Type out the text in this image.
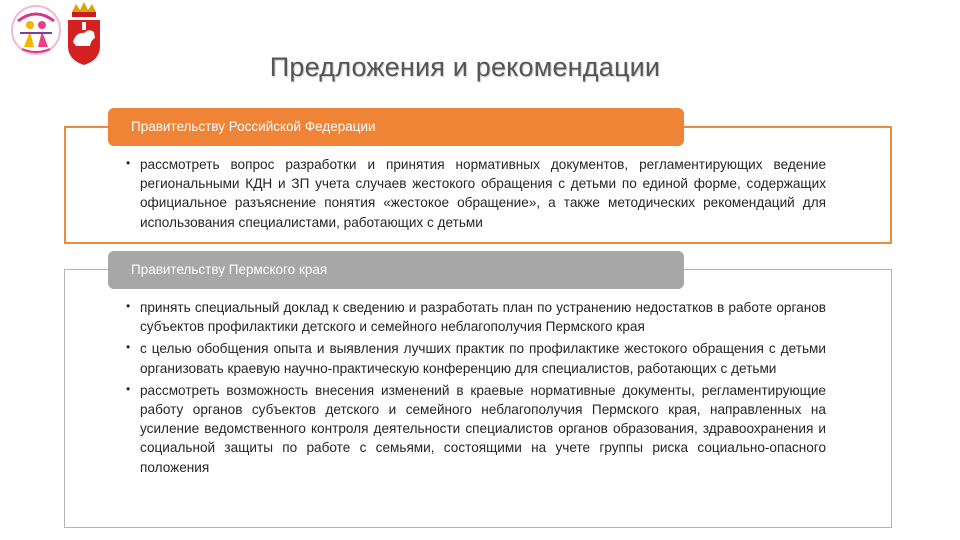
Предложения и рекомендации
Правительству Российской Федерации
• рассмотреть вопрос разработки и принятия нормативных документов, регламентирующих ведение региональными КДН и ЗП учета случаев жестокого обращения с детьми по единой форме, содержащих официальное разъяснение понятия «жестокое обращение», а также методических рекомендаций для использования специалистами, работающих с детьми
Правительству Пермского края
• принять специальный доклад к сведению и разработать план по устранению недостатков в работе органов субъектов профилактики детского и семейного неблагополучия Пермского края
• с целью обобщения опыта и выявления лучших практик по профилактике жестокого обращения с детьми организовать краевую научно-практическую конференцию для специалистов, работающих с детьми
• рассмотреть возможность внесения изменений в краевые нормативные документы, регламентирующие работу органов субъектов детского и семейного неблагополучия Пермского края, направленных на усиление ведомственного контроля деятельности специалистов органов образования, здравоохранения и социальной защиты по работе с семьями, состоящими на учете группы риска социально-опасного положения
